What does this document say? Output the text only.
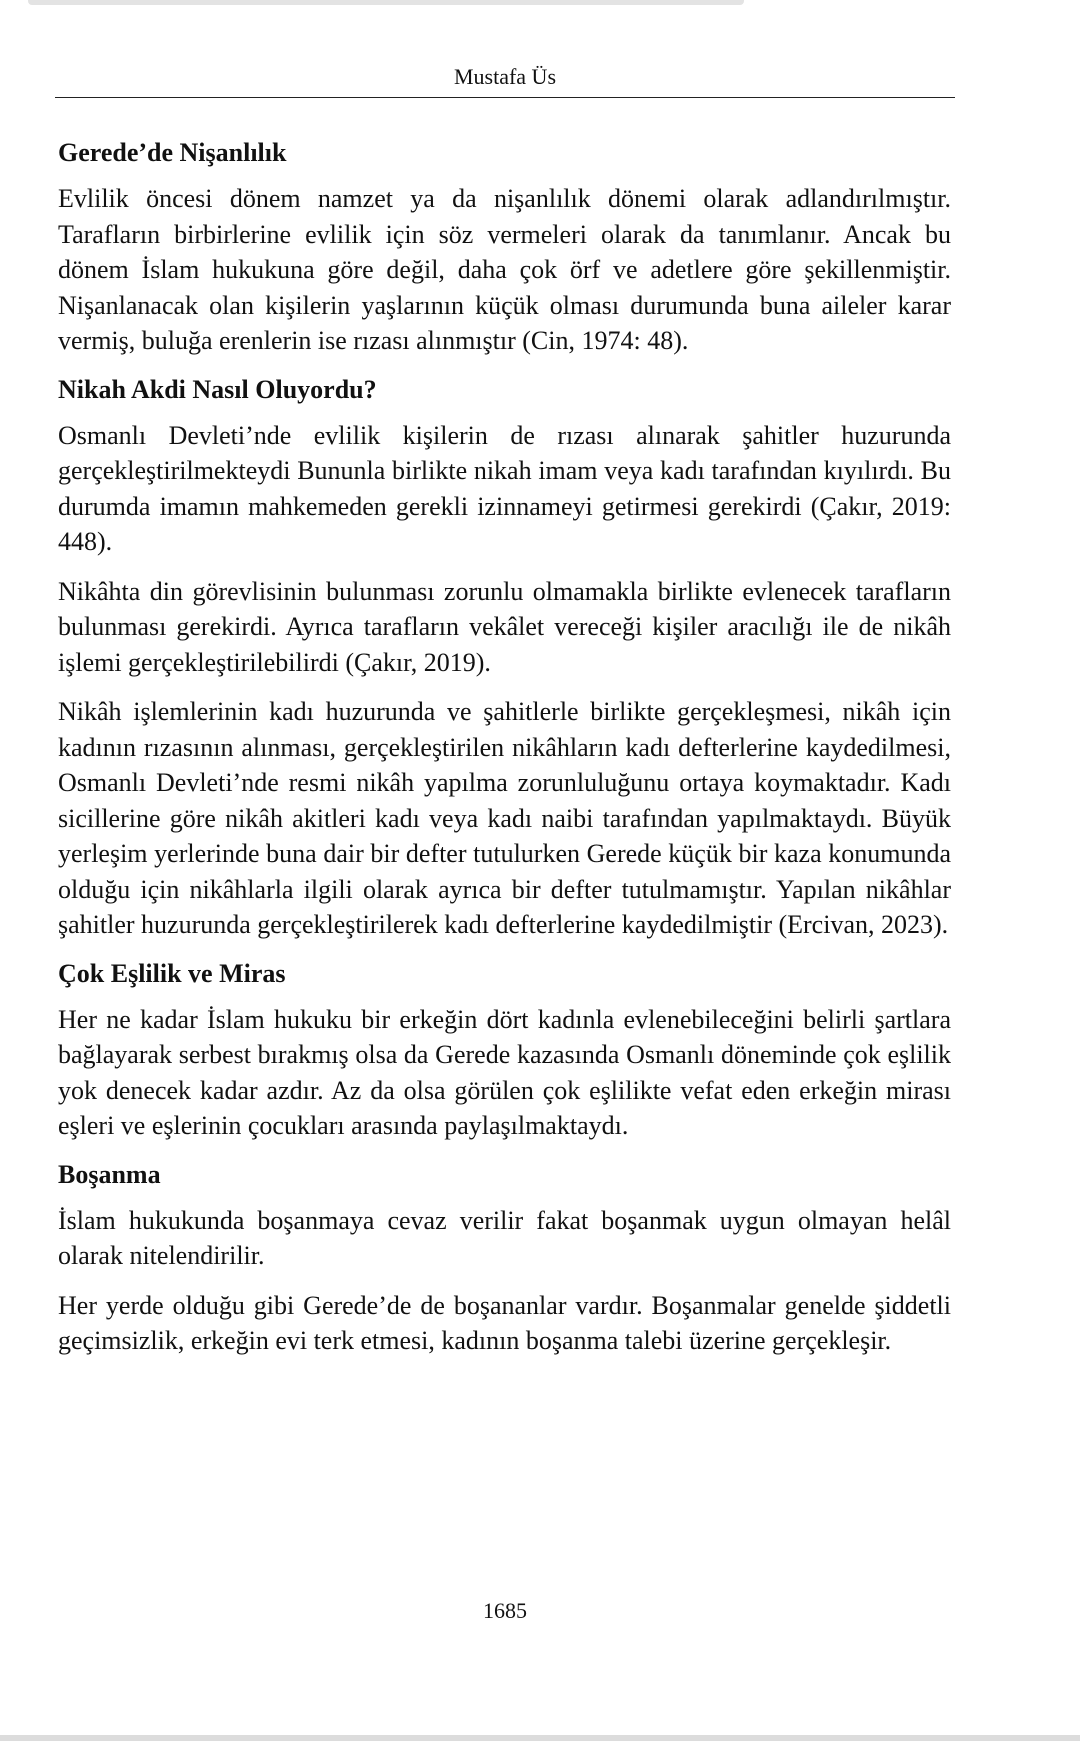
Mustafa Üs
Gerede’de Nişanlılık

Evlilik öncesi dönem namzet ya da nişanlılık dönemi olarak adlandırılmıştır. Tarafların birbirlerine evlilik için söz vermeleri olarak da tanımlanır. Ancak bu dönem İslam hukukuna göre değil, daha çok örf ve adetlere göre şekillenmiştir. Nişanlanacak olan kişilerin yaşlarının küçük olması durumunda buna aileler karar vermiş, buluğa erenlerin ise rızası alınmıştır (Cin, 1974: 48).

Nikah Akdi Nasıl Oluyordu?

Osmanlı Devleti’nde evlilik kişilerin de rızası alınarak şahitler huzurunda gerçekleştirilmekteydi Bununla birlikte nikah imam veya kadı tarafından kıyılırdı. Bu durumda imamın mahkemeden gerekli izinnameyi getirmesi gerekirdi (Çakır, 2019: 448).

Nikâhta din görevlisinin bulunması zorunlu olmamakla birlikte evlenecek tarafların bulunması gerekirdi. Ayrıca tarafların vekâlet vereceği kişiler aracılığı ile de nikâh işlemi gerçekleştirilebilirdi (Çakır, 2019).

Nikâh işlemlerinin kadı huzurunda ve şahitlerle birlikte gerçekleşmesi, nikâh için kadının rızasının alınması, gerçekleştirilen nikâhların kadı defterlerine kaydedilmesi, Osmanlı Devleti’nde resmi nikâh yapılma zorunluluğunu ortaya koymaktadır. Kadı sicillerine göre nikâh akitleri kadı veya kadı naibi tarafından yapılmaktaydı. Büyük yerleşim yerlerinde buna dair bir defter tutulurken Gerede küçük bir kaza konumunda olduğu için nikâhlarla ilgili olarak ayrıca bir defter tutulmamıştır. Yapılan nikâhlar şahitler huzurunda gerçekleştirilerek kadı defterlerine kaydedilmiştir (Ercivan, 2023).

Çok Eşlilik ve Miras

Her ne kadar İslam hukuku bir erkeğin dört kadınla evlenebileceğini belirli şartlara bağlayarak serbest bırakmış olsa da Gerede kazasında Osmanlı döneminde çok eşlilik yok denecek kadar azdır. Az da olsa görülen çok eşlilikte vefat eden erkeğin mirası eşleri ve eşlerinin çocukları arasında paylaşılmaktaydı.

Boşanma

İslam hukukunda boşanmaya cevaz verilir fakat boşanmak uygun olmayan helâl olarak nitelendirilir.

Her yerde olduğu gibi Gerede’de de boşananlar vardır. Boşanmalar genelde şiddetli geçimsizlik, erkeğin evi terk etmesi, kadının boşanma talebi üzerine gerçekleşir.

1685
